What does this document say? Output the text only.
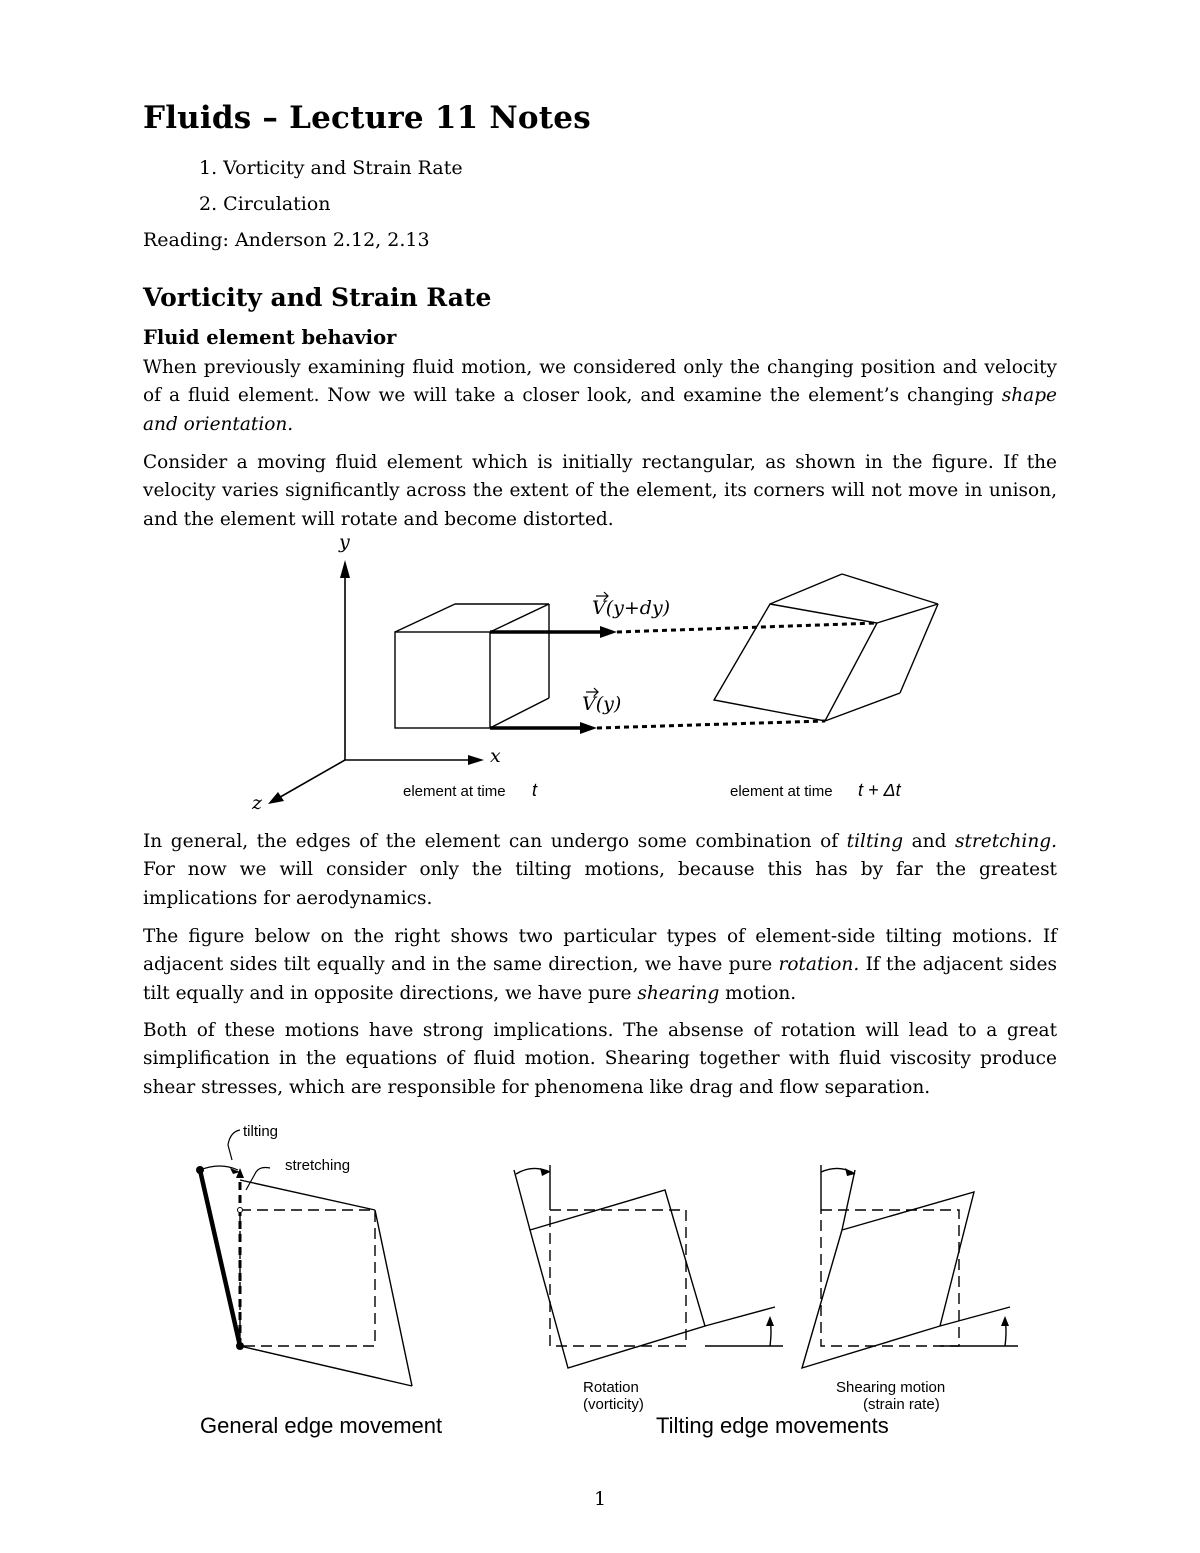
Fluids – Lecture 11 Notes
1. Vorticity and Strain Rate
2. Circulation
Reading: Anderson 2.12, 2.13
Vorticity and Strain Rate
Fluid element behavior

When previously examining fluid motion, we considered only the changing position and velocity of a fluid element. Now we will take a closer look, and examine the element’s changing shape and orientation.

Consider a moving fluid element which is initially rectangular, as shown in the figure. If the velocity varies significantly across the extent of the element, its corners will not move in unison, and the element will rotate and become distorted.

y
x
z
V(y+dy)
V(y)
element at time t	element at time t + Δt

In general, the edges of the element can undergo some combination of tilting and stretching. For now we will consider only the tilting motions, because this has by far the greatest implications for aerodynamics.

The figure below on the right shows two particular types of element-side tilting motions. If adjacent sides tilt equally and in the same direction, we have pure rotation. If the adjacent sides tilt equally and in opposite directions, we have pure shearing motion.

Both of these motions have strong implications. The absense of rotation will lead to a great simplification in the equations of fluid motion. Shearing together with fluid viscosity produce shear stresses, which are responsible for phenomena like drag and flow separation.

tilting
stretching
Rotation
(vorticity)
Shearing motion
(strain rate)
General edge movement	Tilting edge movements
1
